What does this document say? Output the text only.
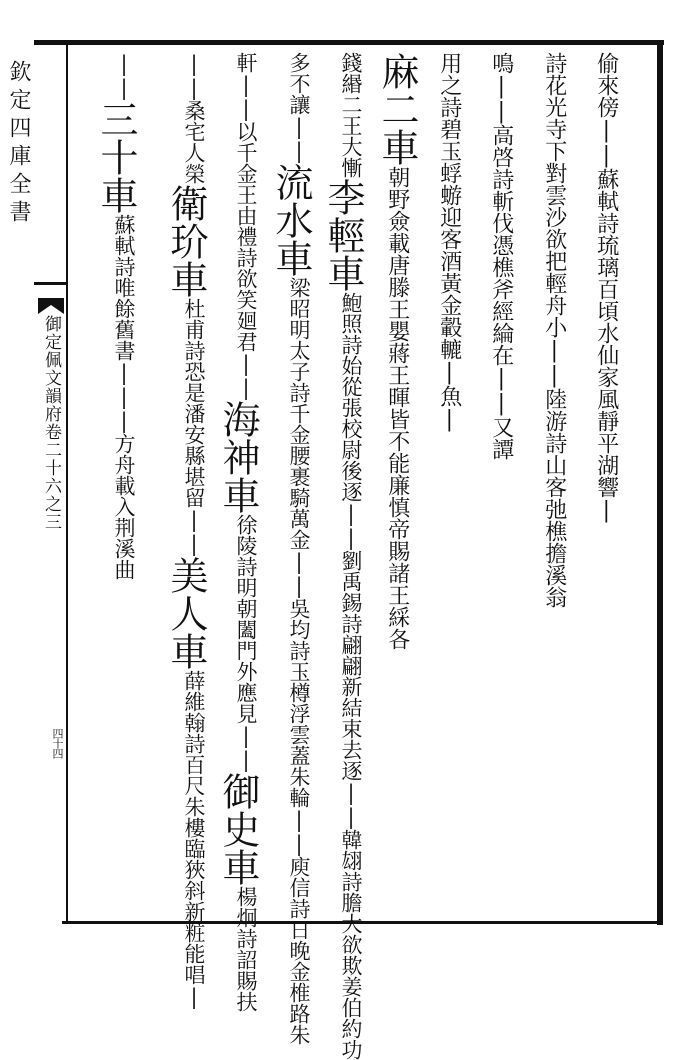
欽定四庫全書
御定佩文韻府卷二十六之三
四十四
偷來傍||蘇軾詩琉璃百頃水仙家風靜平湖響|
詩花光寺下對雲沙欲把輕舟小||陸游詩山客弛樵擔溪翁
鳴||高啓詩斬伐憑樵斧經綸在||又譚
用之詩碧玉蜉蝣迎客酒黃金轂轆|魚|
麻二車
朝野僉載唐滕王嬰蔣王暉皆不能廉慎帝賜諸王綵各
錢緡二王大慚
李輕車
鮑照詩始從張校尉後逐||劉禹錫詩翩翩新結束去逐||韓翃詩膽大欲欺姜伯約功
多不讓||
流水車
梁昭明太子詩千金腰裹騎萬金||吳均詩玉樽浮雲蓋朱輪||庾信詩日晚金椎路朱
軒||以千金
王由禮詩欲笑廻君||
海神車
徐陵詩明朝闔門外應見||
御史車
楊炯詩詔賜扶
||桑宅人榮
衛玠車
杜甫詩恐是潘安縣堪留||
美人車
薛維翰詩百尺朱樓臨狹斜新粧能唱|
||
三十車
蘇軾詩唯餘舊書|||方舟載入荆溪曲
